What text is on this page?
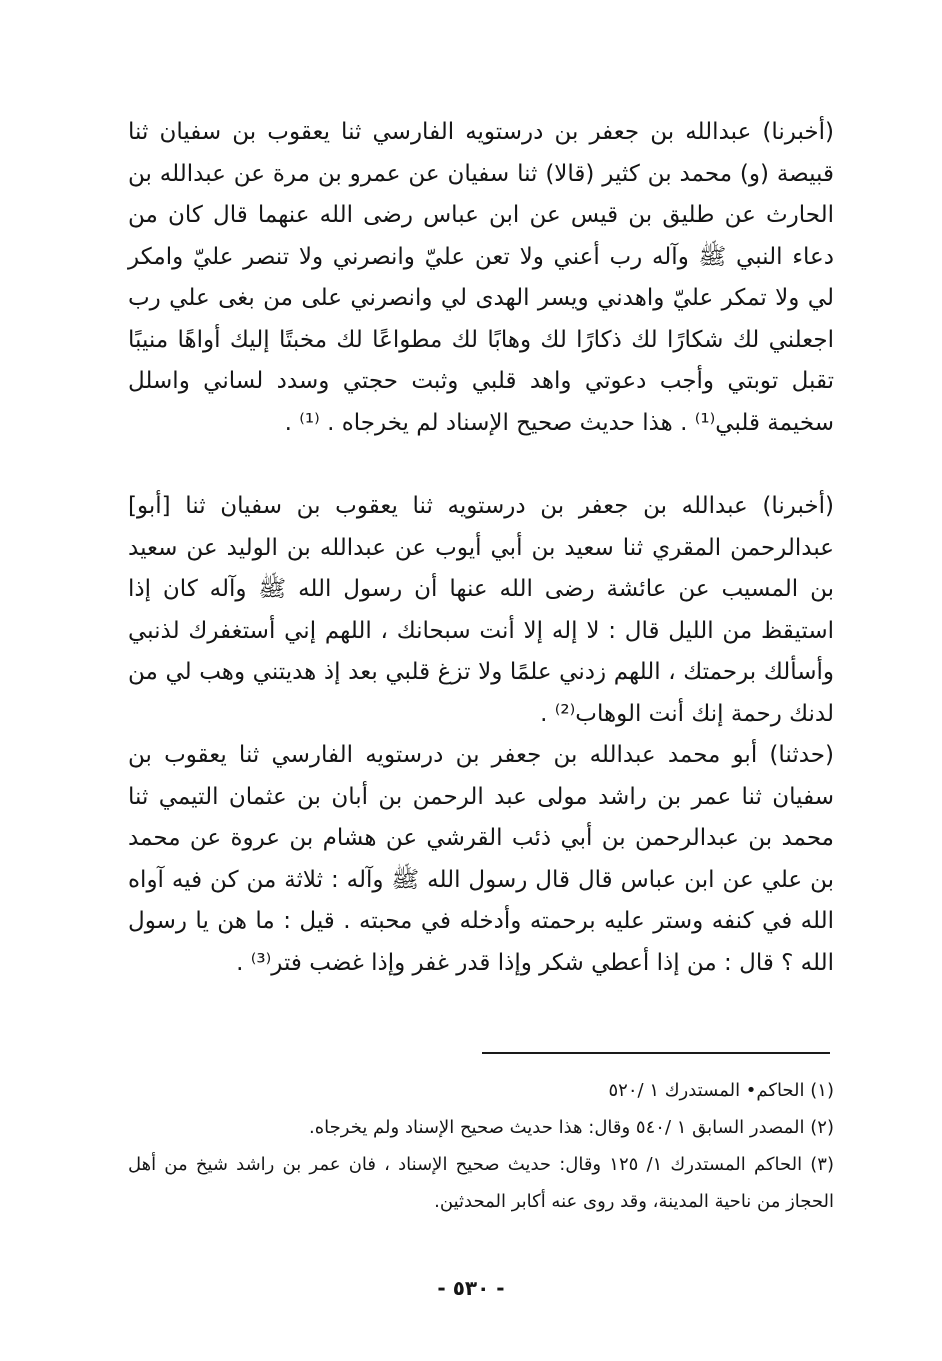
(أخبرنا) عبدالله بن جعفر بن درستويه الفارسي ثنا يعقوب بن سفيان ثنا قبيصة (و) محمد بن كثير (قالا) ثنا سفيان عن عمرو بن مرة عن عبدالله بن الحارث عن طليق بن قيس عن ابن عباس رضى الله عنهما قال كان من دعاء النبي ﷺ وآله رب أعني ولا تعن عليّ وانصرني ولا تنصر عليّ وامكر لي ولا تمكر عليّ واهدني ويسر الهدى لي وانصرني على من بغى علي رب اجعلني لك شكارًا لك ذكارًا لك وهابًا لك مطواعًا لك مخبتًا إليك أواهًا منيبًا تقبل توبتي وأجب دعوتي واهد قلبي وثبت حجتي وسدد لساني واسلل سخيمة قلبي⁽¹⁾ . هذا حديث صحيح الإسناد لم يخرجاه . ⁽¹⁾ .

(أخبرنا) عبدالله بن جعفر بن درستويه ثنا يعقوب بن سفيان ثنا [أبو] عبدالرحمن المقري ثنا سعيد بن أبي أيوب عن عبدالله بن الوليد عن سعيد بن المسيب عن عائشة رضى الله عنها أن رسول الله ﷺ وآله كان إذا استيقظ من الليل قال : لا إله إلا أنت سبحانك ، اللهم إني أستغفرك لذنبي وأسألك برحمتك ، اللهم زدني علمًا ولا تزغ قلبي بعد إذ هديتني وهب لي من لدنك رحمة إنك أنت الوهاب⁽²⁾ .

(حدثنا) أبو محمد عبدالله بن جعفر بن درستويه الفارسي ثنا يعقوب بن سفيان ثنا عمر بن راشد مولى عبد الرحمن بن أبان بن عثمان التيمي ثنا محمد بن عبدالرحمن بن أبي ذئب القرشي عن هشام بن عروة عن محمد بن علي عن ابن عباس قال قال رسول الله ﷺ وآله : ثلاثة من كن فيه آواه الله في كنفه وستر عليه برحمته وأدخله في محبته . قيل : ما هن يا رسول الله ؟ قال : من إذا أعطي شكر وإذا قدر غفر وإذا غضب فتر⁽³⁾ .

(١) الحاكم• المستدرك ١ /٥٢٠

(٢) المصدر السابق ١ /٥٤٠ وقال: هذا حديث صحيح الإسناد ولم يخرجاه.

(٣) الحاكم المستدرك ١/ ١٢٥ وقال: حديث صحيح الإسناد ، فان عمر بن راشد شيخ من أهل الحجاز من ناحية المدينة، وقد روى عنه أكابر المحدثين.

- ٥٣٠ -
